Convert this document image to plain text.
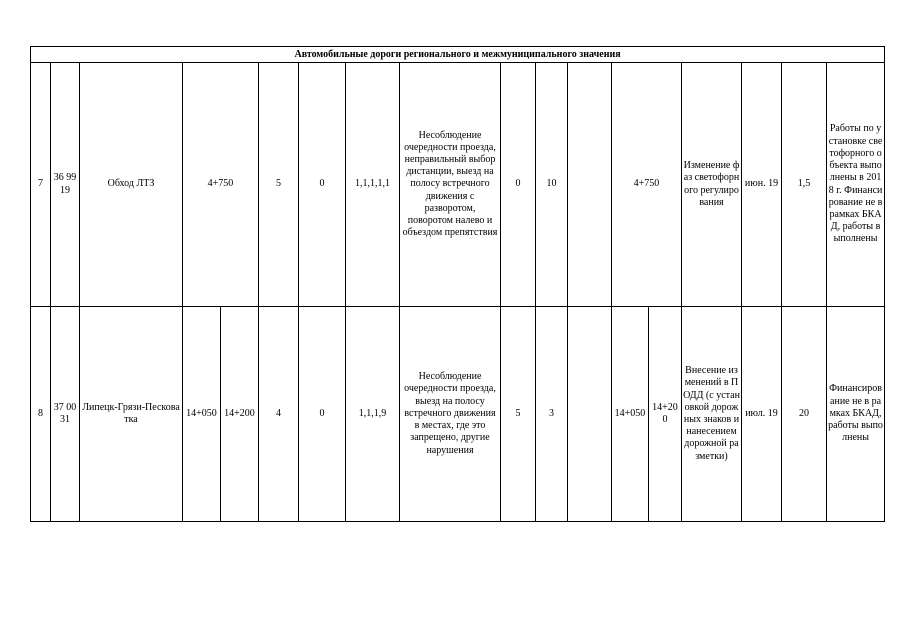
Автомобильные дороги регионального и межмуниципального значения																	
7	36 99 19	Обход ЛТЗ	4+750		5	0	1,1,1,1,1	Несоблюдение очередности проезда, неправильный выбор дистанции, выезд на полосу встречного движения с разворотом, поворотом налево и объездом препятствия	0	10		4+750		Изменение фаз светофорного регулирования	июн. 19	1,5	Работы по установке светофорного объекта выполнены в 2018 г. Финансирование не в рамках БКАД, работы выполнены
8	37 00 31	Липецк-Грязи-Песковатка	14+050	14+200	4	0	1,1,1,9	Несоблюдение очередности проезда, выезд на полосу встречного движения в местах, где это запрещено, другие нарушения	5	3		14+050	14+200	Внесение изменений в ПОДД (с установкой дорожных знаков и нанесением дорожной разметки)	июл. 19	20	Финансирование не в рамках БКАД, работы выполнены
